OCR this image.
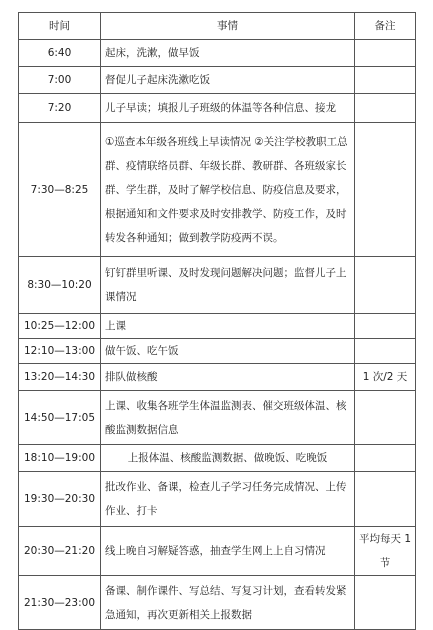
时间	事情	备注
6:40	起床，洗漱，做早饭	
7:00	督促儿子起床洗漱吃饭	
7:20	儿子早读；填报儿子班级的体温等各种信息、接龙	
7:30—8:25	①巡查本年级各班线上早读情况 ②关注学校教职工总群、疫情联络员群、年级长群、教研群、各班级家长群、学生群，及时了解学校信息、防疫信息及要求，根据通知和文件要求及时安排教学、防疫工作，及时转发各种通知；做到教学防疫两不误。	
8:30—10:20	钉钉群里听课、及时发现问题解决问题；监督儿子上课情况	
10:25—12:00	上课	
12:10—13:00	做午饭、吃午饭	
13:20—14:30	排队做核酸	1 次/2 天
14:50—17:05	上课、收集各班学生体温监测表、催交班级体温、核酸监测数据信息	
18:10—19:00	上报体温、核酸监测数据、做晚饭、吃晚饭	
19:30—20:30	批改作业、备课，检查儿子学习任务完成情况、上传作业、打卡	
20:30—21:20	线上晚自习解疑答惑，抽查学生网上上自习情况	平均每天 1 节
21:30—23:00	备课、制作课件、写总结、写复习计划，查看转发紧急通知，再次更新相关上报数据	
